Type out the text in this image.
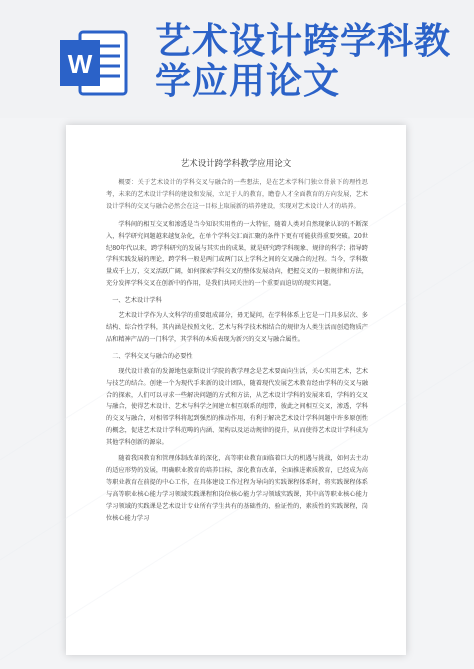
W
艺术设计跨学科教
学应用论文
艺术设计跨学科教学应用论文

概要：关于艺术设计的学科交叉与融合的一些想法，是在艺术学科门独立背景下的理性思考，未来的艺术设计学科的建设和发展，立足于人的教育，瞻眷人才全面教育的方向发展，艺术设计学科的交叉与融合必然会在这一目标上取展新的培养建设，实现对艺术设计人才的培养。

学科间的相互交叉和渗透是当今知识实用性的一大特征，随着人类对自然现象认识的不断深入，科学研究问题越来越复杂化，在单个学科交汇面汇聚的条件下更有可能获得重要突破。20世纪80年代以来，跨学科研究的发展与其实由的成果，就是研究跨学科现象、规律的科学；指导跨学科实践发展的理论，跨学科一般是两门或两门以上学科之间的交叉融合的过程。当今，学科数量成千上万，交叉活跃广阔，如何探索学科交叉的整体发展动向，把握交叉的一般规律和方法，充分发挥学科交叉在创新中的作用，是我们共同关注的一个重要而迫切的现实问题。

一、艺术设计学科

艺术设计学作为人文科学的重要组成部分，毋无疑问，在学科体系上它是一门具多层次、多结构、综合性学科，其内涵是按照文化、艺术与科学技术相结合的规律为人类生活而创造物质产品和精神产品的一门科学，其学科的本质表现为新兴的交叉与融合属性。

二、学科交叉与融合的必要性

现代设计教育的发源地包豪斯设计学院的教学理念是艺术要面向生活，关心实用艺术，艺术与技艺的结合。创建一个为现代手来新的设计团队，随着现代发展艺术教育经由学科的交叉与融合的探索，人们可以寻求一些解决问题的方式和方法，从艺术设计学科的发展来看，学科的交叉与融合，使得艺术设计、艺术与科学之间建立相互联系的纽带，彼此之间相互交叉，渗透，学科的交叉与融合，对相邻学科将起到强烈的推动作用，有利于解决艺术设计学科问题中许多原创性的概念，促进艺术设计学科范畴的内涵、架构以及运动规律的提升，从而使得艺术设计学科成为其他学科创新的源泉。

随着我国教育和管理体制改革的深化，高等职业教育面临着巨大的机遇与挑战，如何去主动的适应形势的发展，明确职业教育的培养目标，深化教育改革，全面推进素质教育，已经成为高等职业教育在前提的中心工作，在具体建设工作过程为导向的实践课程体系时，将实践课程体系与高等职业核心能力学习领域实践课程和岗位核心能力学习领域实践课，其中高等职业核心能力学习领域的实践课是艺术设计专业所有学生共有的基础性的、验证性的，素质性的实践课程，岗位核心能力学习
